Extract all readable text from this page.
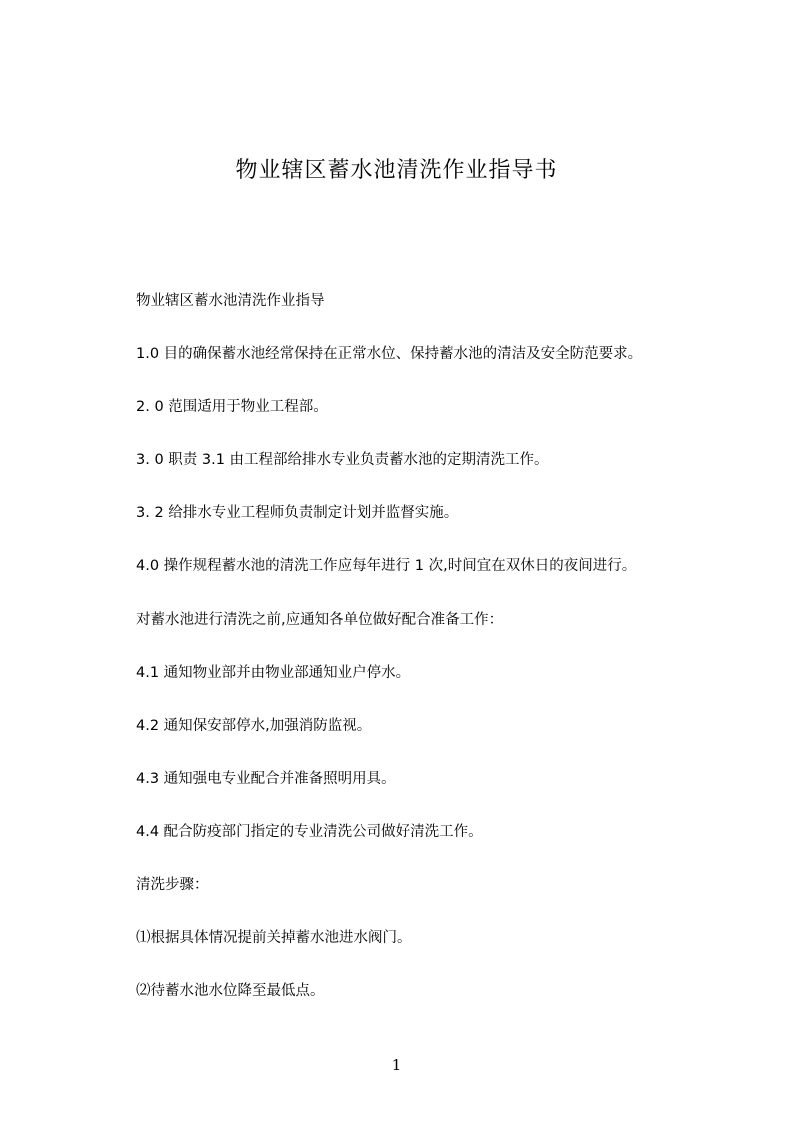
物业辖区蓄水池清洗作业指导书
物业辖区蓄水池清洗作业指导
1.0 目的确保蓄水池经常保持在正常水位、保持蓄水池的清洁及安全防范要求。
2. 0 范围适用于物业工程部。
3. 0 职责 3.1 由工程部给排水专业负责蓄水池的定期清洗工作。
3. 2 给排水专业工程师负责制定计划并监督实施。
4.0 操作规程蓄水池的清洗工作应每年进行 1 次,时间宜在双休日的夜间进行。
对蓄水池进行清洗之前,应通知各单位做好配合准备工作：
4.1 通知物业部并由物业部通知业户停水。
4.2 通知保安部停水,加强消防监视。
4.3 通知强电专业配合并准备照明用具。
4.4 配合防疫部门指定的专业清洗公司做好清洗工作。
清洗步骤：
⑴根据具体情况提前关掉蓄水池进水阀门。
⑵待蓄水池水位降至最低点。
1
